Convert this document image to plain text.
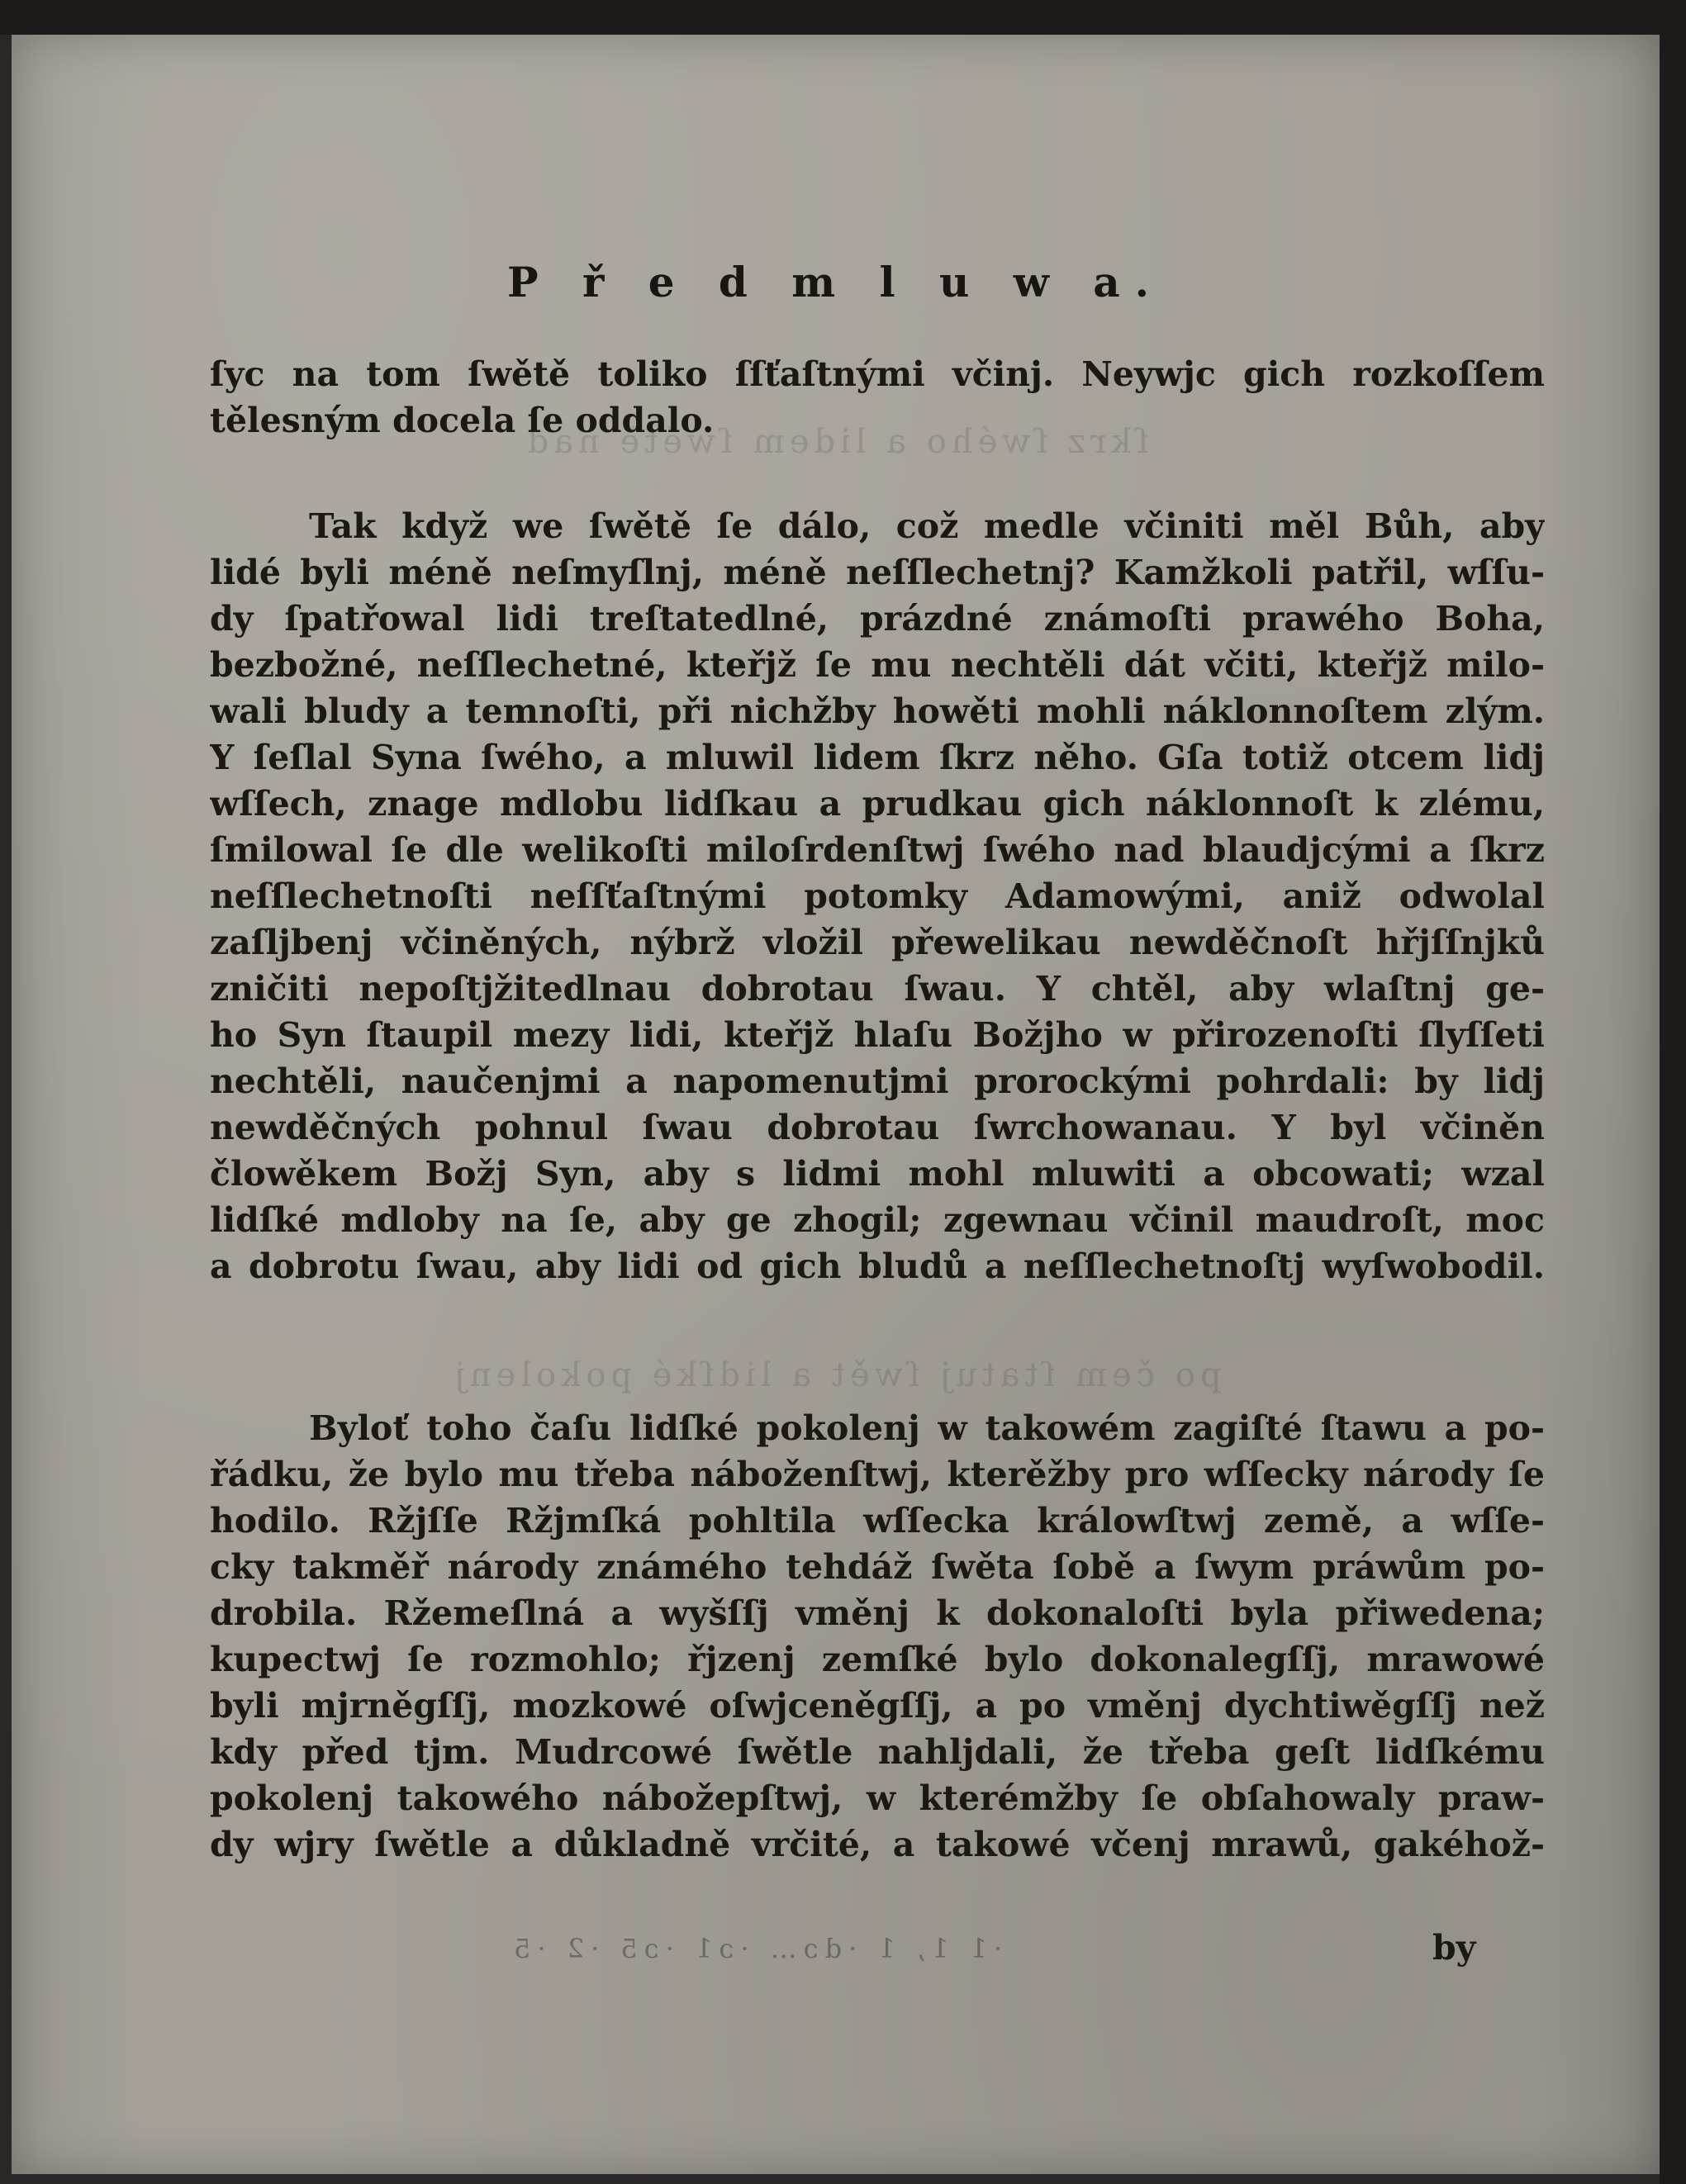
ſkrz ſwého a lidem ſwětě nad
po čem ſtatuj ſwět a lidſké pokolenj
P ř e d m l u w a.
ſyc na tom ſwětě toliko ſſťaſtnými včinj. Neywjc gich rozkoſſem
tělesným docela ſe oddalo.
Tak když we ſwětě ſe dálo, což medle včiniti měl Bůh, aby
lidé byli méně neſmyſlnj, méně neſſlechetnj? Kamžkoli patřil, wſſu-
dy ſpatřowal lidi treſtatedlné, prázdné známoſti prawého Boha,
bezbožné, neſſlechetné, kteřjž ſe mu nechtěli dát včiti, kteřjž milo-
wali bludy a temnoſti, při nichžby howěti mohli náklonnoſtem zlým.
Y ſeſlal Syna ſwého, a mluwil lidem ſkrz něho. Gſa totiž otcem lidj
wſſech, znage mdlobu lidſkau a prudkau gich náklonnoſt k zlému,
ſmilowal ſe dle welikoſti miloſrdenſtwj ſwého nad blaudjcými a ſkrz
neſſlechetnoſti neſſťaſtnými potomky Adamowými, aniž odwolal
zaſljbenj včiněných, nýbrž vložil přewelikau newděčnoſt hřjſſnjků
zničiti nepoſtjžitedlnau dobrotau ſwau. Y chtěl, aby wlaſtnj ge-
ho Syn ſtaupil mezy lidi, kteřjž hlaſu Božjho w přirozenoſti ſlyſſeti
nechtěli, naučenjmi a napomenutjmi prorockými pohrdali: by lidj
newděčných pohnul ſwau dobrotau ſwrchowanau. Y byl včiněn
člowěkem Božj Syn, aby s lidmi mohl mluwiti a obcowati; wzal
lidſké mdloby na ſe, aby ge zhogil; zgewnau včinil maudroſt, moc
a dobrotu ſwau, aby lidi od gich bludů a neſſlechetnoſtj wyſwobodil.
Byloť toho čaſu lidſké pokolenj w takowém zagiſté ſtawu a po-
řádku, že bylo mu třeba náboženſtwj, kterěžby pro wſſecky národy ſe
hodilo. Ržjſſe Ržjmſká pohltila wſſecka králowſtwj země, a wſſe-
cky takměř národy známého tehdáž ſwěta ſobě a ſwym práwům po-
drobila. Ržemeſlná a wyšſſj vměnj k dokonaloſti byla přiwedena;
kupectwj ſe rozmohlo; řjzenj zemſké bylo dokonalegſſj, mrawowé
byli mjrněgſſj, mozkowé oſwjceněgſſj, a po vměnj dychtiwěgſſj než
kdy před tjm. Mudrcowé ſwětle nahljdali, že třeba geſt lidſkému
pokolenj takowého nábožepſtwj, w kterémžby ſe obſahowaly praw-
dy wjry ſwětle a důkladně vrčité, a takowé včenj mrawů, gakéhož-
·1 1, 1 ·dɔ… ·ɔ1 ·ɔ5 ·2 ·5	by
